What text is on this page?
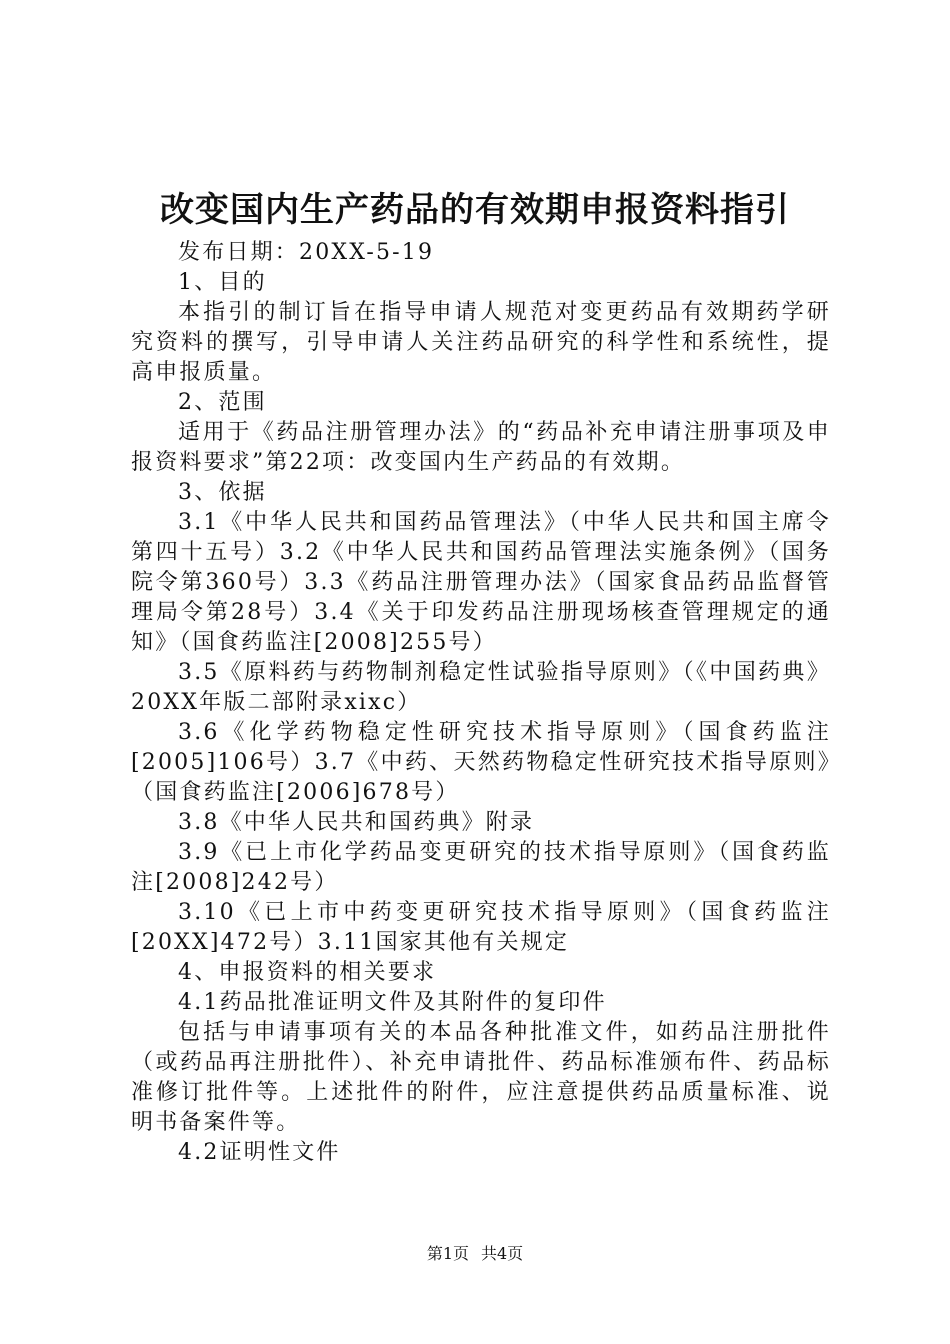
改变国内生产药品的有效期申报资料指引

发布日期：20XX-5-19

1、目的

本指引的制订旨在指导申请人规范对变更药品有效期药学研究资料的撰写，引导申请人关注药品研究的科学性和系统性，提高申报质量。

2、范围

适用于《药品注册管理办法》的“药品补充申请注册事项及申报资料要求”第22项：改变国内生产药品的有效期。

3、依据

3.1《中华人民共和国药品管理法》（中华人民共和国主席令第四十五号）3.2《中华人民共和国药品管理法实施条例》（国务院令第360号）3.3《药品注册管理办法》（国家食品药品监督管理局令第28号）3.4《关于印发药品注册现场核查管理规定的通知》（国食药监注[2008]255号）

3.5《原料药与药物制剂稳定性试验指导原则》（《中国药典》20XX年版二部附录xixc）

3.6《化学药物稳定性研究技术指导原则》（国食药监注[2005]106号）3.7《中药、天然药物稳定性研究技术指导原则》（国食药监注[2006]678号）

3.8《中华人民共和国药典》附录

3.9《已上市化学药品变更研究的技术指导原则》（国食药监注[2008]242号）

3.10《已上市中药变更研究技术指导原则》（国食药监注[20XX]472号）3.11国家其他有关规定

4、申报资料的相关要求

4.1药品批准证明文件及其附件的复印件

包括与申请事项有关的本品各种批准文件，如药品注册批件（或药品再注册批件）、补充申请批件、药品标准颁布件、药品标准修订批件等。上述批件的附件，应注意提供药品质量标准、说明书备案件等。

4.2证明性文件

第1页 共4页
